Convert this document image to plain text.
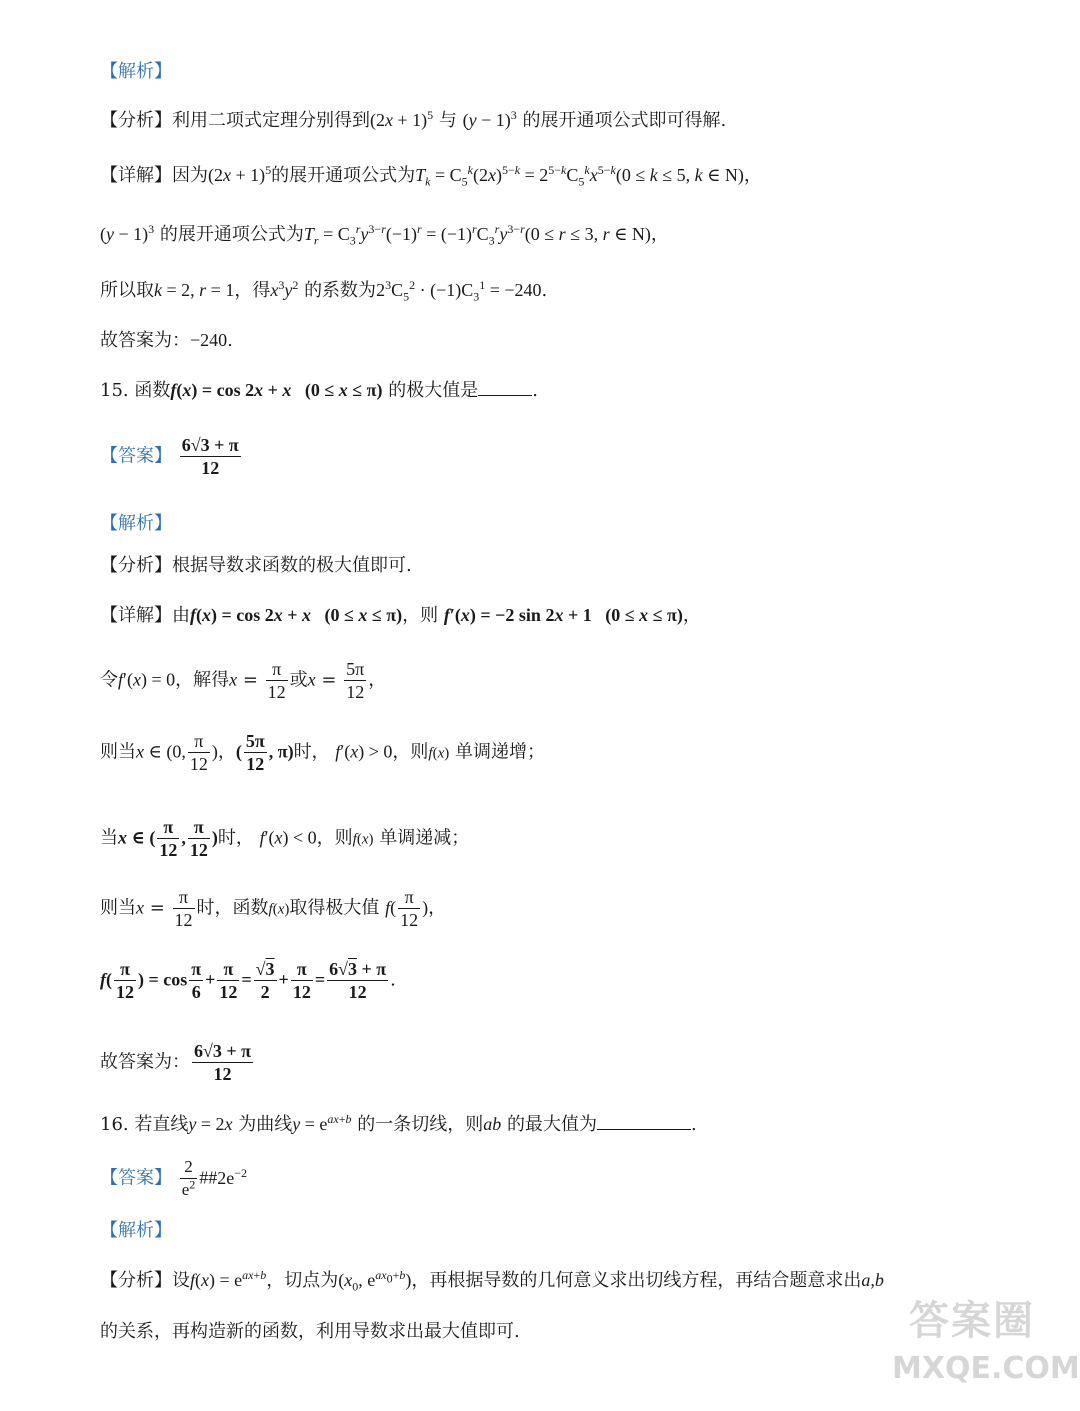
【解析】
【分析】利用二项式定理分别得到$(2x + 1)^5$ 与 $(y - 1)^3$ 的展开通项公式即可得解.
【详解】因为$(2x + 1)^5$的展开通项公式为$T_k = C_5^k(2x)^{5-k} = 2^{5-k}C_5^kx^{5-k}(0 \le k \le 5$, k ∈ N)，
$(y - 1)^3$ 的展开通项公式为$T_r = C_3^ry^{3-r}(-1)^r = (-1)^rC_3^ry^{3-r}(0 \le r \le 3$, r ∈ N)，
所以取k = 2, r = 1，得$x^3y^2$ 的系数为$2^3C_5^2 \cdot (-1)C_3^1 = -240$.
故答案为：−240.
15. 函数f(x) = cos 2x + x   (0 ≤ x ≤ π) 的极大值是	.
【答案】 $\frac{6√3 + \pi}{12}$
【解析】
【分析】根据导数求函数的极大值即可.
【详解】由f(x) = cos 2x + x   (0 ≤ x ≤ π)，则 f′(x) = −2 sin 2x + 1   (0 ≤ x ≤ π)，
令f′(x) = 0，解得$x = \frac{\pi}{12}$ 或$x = \frac{5\pi}{12}$ ，
则当x ∈ (0, $\frac{\pi}{12}$ )，( $\frac{5\pi}{12}$ , π)时， f′(x) > 0，则f(x) 单调递增；
当x ∈ ( $\frac{\pi}{12}$ , $\frac{\pi}{12}$ )时， f′(x) < 0，则f(x) 单调递减；
则当$x = \frac{\pi}{12}$ 时，函数f(x)取得极大值 $f( \frac{\pi}{12}$ )，
$f( \frac{\pi}{12}$ ) = $\cos \frac{\pi}{6} + \frac{\pi}{12} = \frac{√3}{2} + \frac{\pi}{12} = \frac{6√3 + \pi}{12}$ .
故答案为： $\frac{6√3 + \pi}{12}$
16. 若直线y = 2x 为曲线$y = e^{ax+b}$ 的一条切线，则ab 的最大值为	.
【答案】 $\frac{2}{e^2}$ $\#\#2e^{-2}$
【解析】
【分析】设$f(x) = e^{ax+b}$，切点为($x_0$, $e^{ax_0+b}$)，再根据导数的几何意义求出切线方程，再结合题意求出a,b
的关系，再构造新的函数，利用导数求出最大值即可.	答案圈
MXQE.COM
